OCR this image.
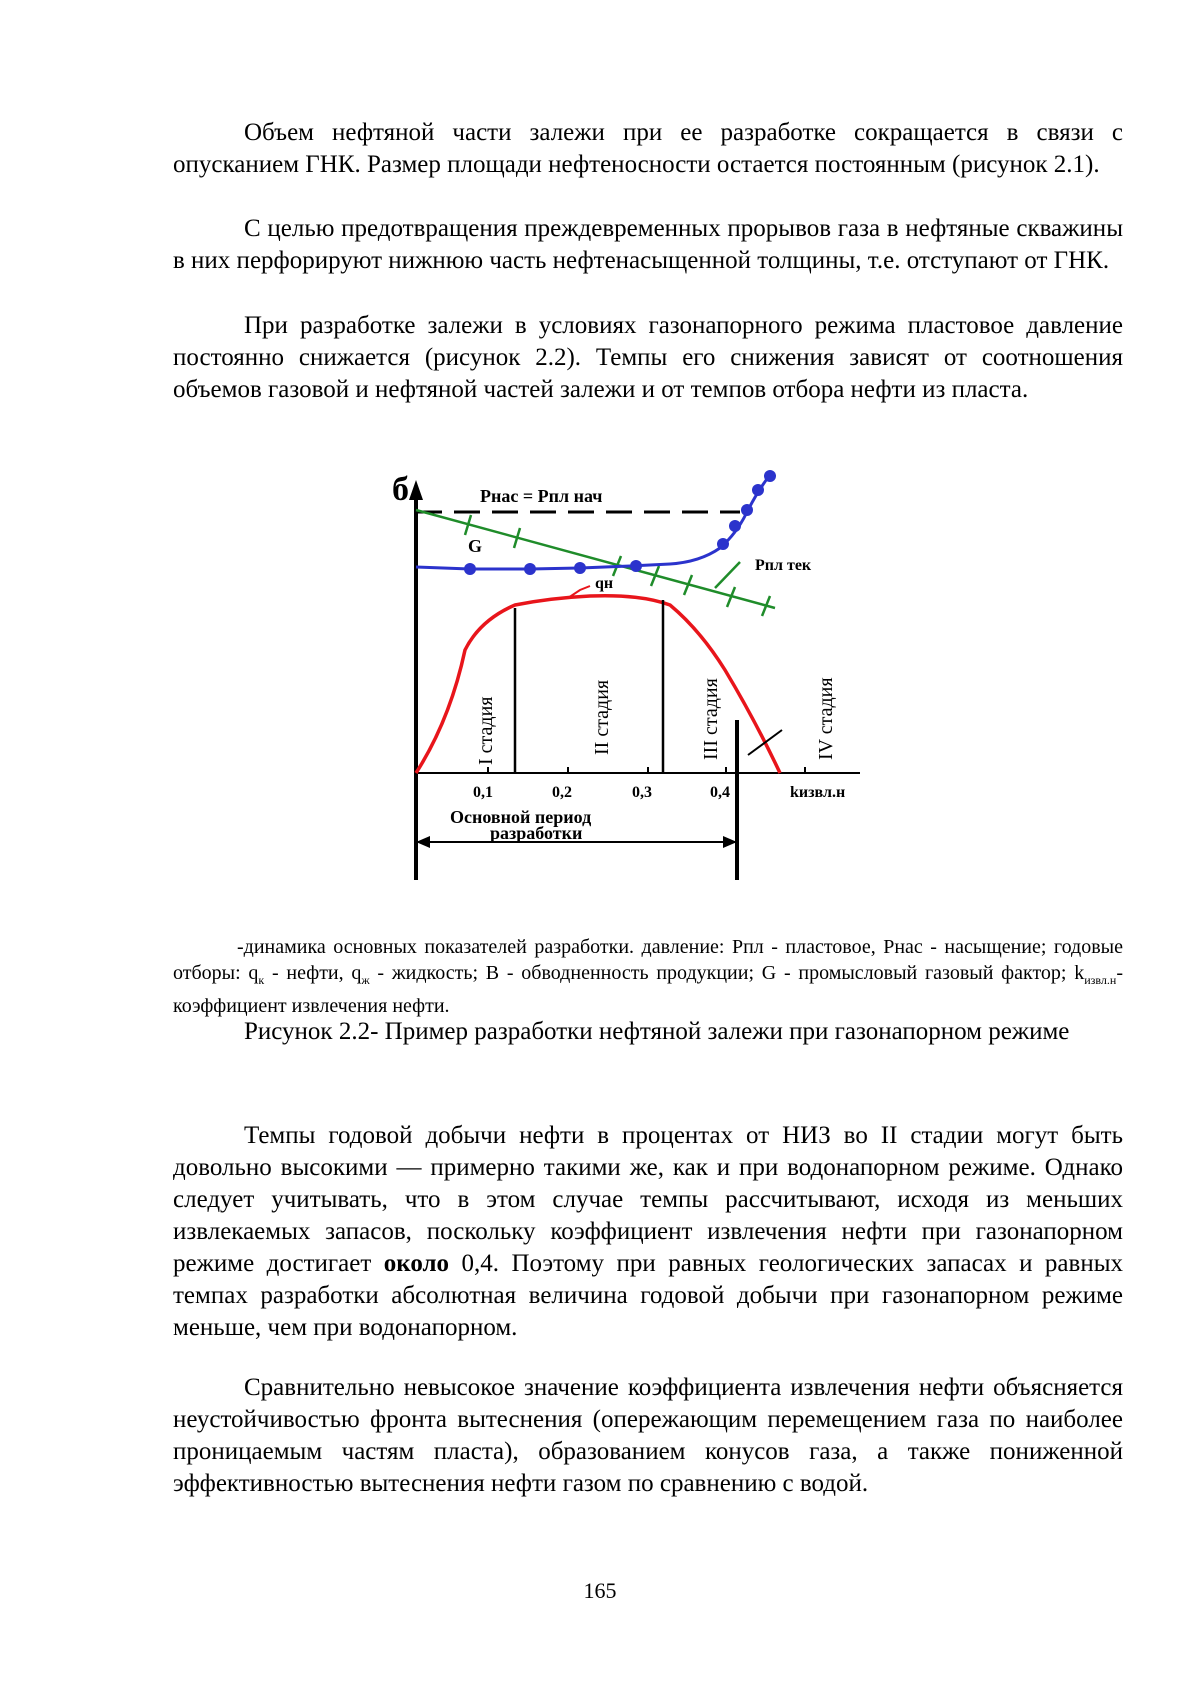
Объем нефтяной части залежи при ее разработке сокращается в связи с опусканием ГНК. Размер площади нефтеносности остается постоянным (рисунок 2.1).

С целью предотвращения преждевременных прорывов газа в нефтяные скважины в них перфорируют нижнюю часть нефтенасыщенной толщины, т.е. отступают от ГНК.

При разработке залежи в условиях газонапорного режима пластовое давление постоянно снижается (рисунок 2.2). Темпы его снижения зависят от соотношения объемов газовой и нефтяной частей залежи и от темпов отбора нефти из пласта.

б	Pнас = Pпл нач
Pпл тек
G
qн
I стадия	II стадия	III стадия	IV стадия
0,1	0,2	0,3	0,4	kизвл.н
Основной период
разработки

-динамика основных показателей разработки. давление: Рпл - пластовое, Рнас - насыщение; годовые отборы: $q_к$ - нефти, $q_ж$ - жидкость; В - обводненность продукции; G - промысловый газовый фактор; $k_{извл.н}$-коэффициент извлечения нефти.

Рисунок 2.2- Пример разработки нефтяной залежи при газонапорном режиме

Темпы годовой добычи нефти в процентах от НИЗ во II стадии могут быть довольно высокими — примерно такими же, как и при водонапорном режиме. Однако следует учитывать, что в этом случае темпы рассчитывают, исходя из меньших извлекаемых запасов, поскольку коэффициент извлечения нефти при газонапорном режиме достигает около 0,4. Поэтому при равных геологических запасах и равных темпах разработки абсолютная величина годовой добычи при газонапорном режиме меньше, чем при водонапорном.

Сравнительно невысокое значение коэффициента извлечения нефти объясняется неустойчивостью фронта вытеснения (опережающим перемещением газа по наиболее проницаемым частям пласта), образованием конусов газа, а также пониженной эффективностью вытеснения нефти газом по сравнению с водой.

165
